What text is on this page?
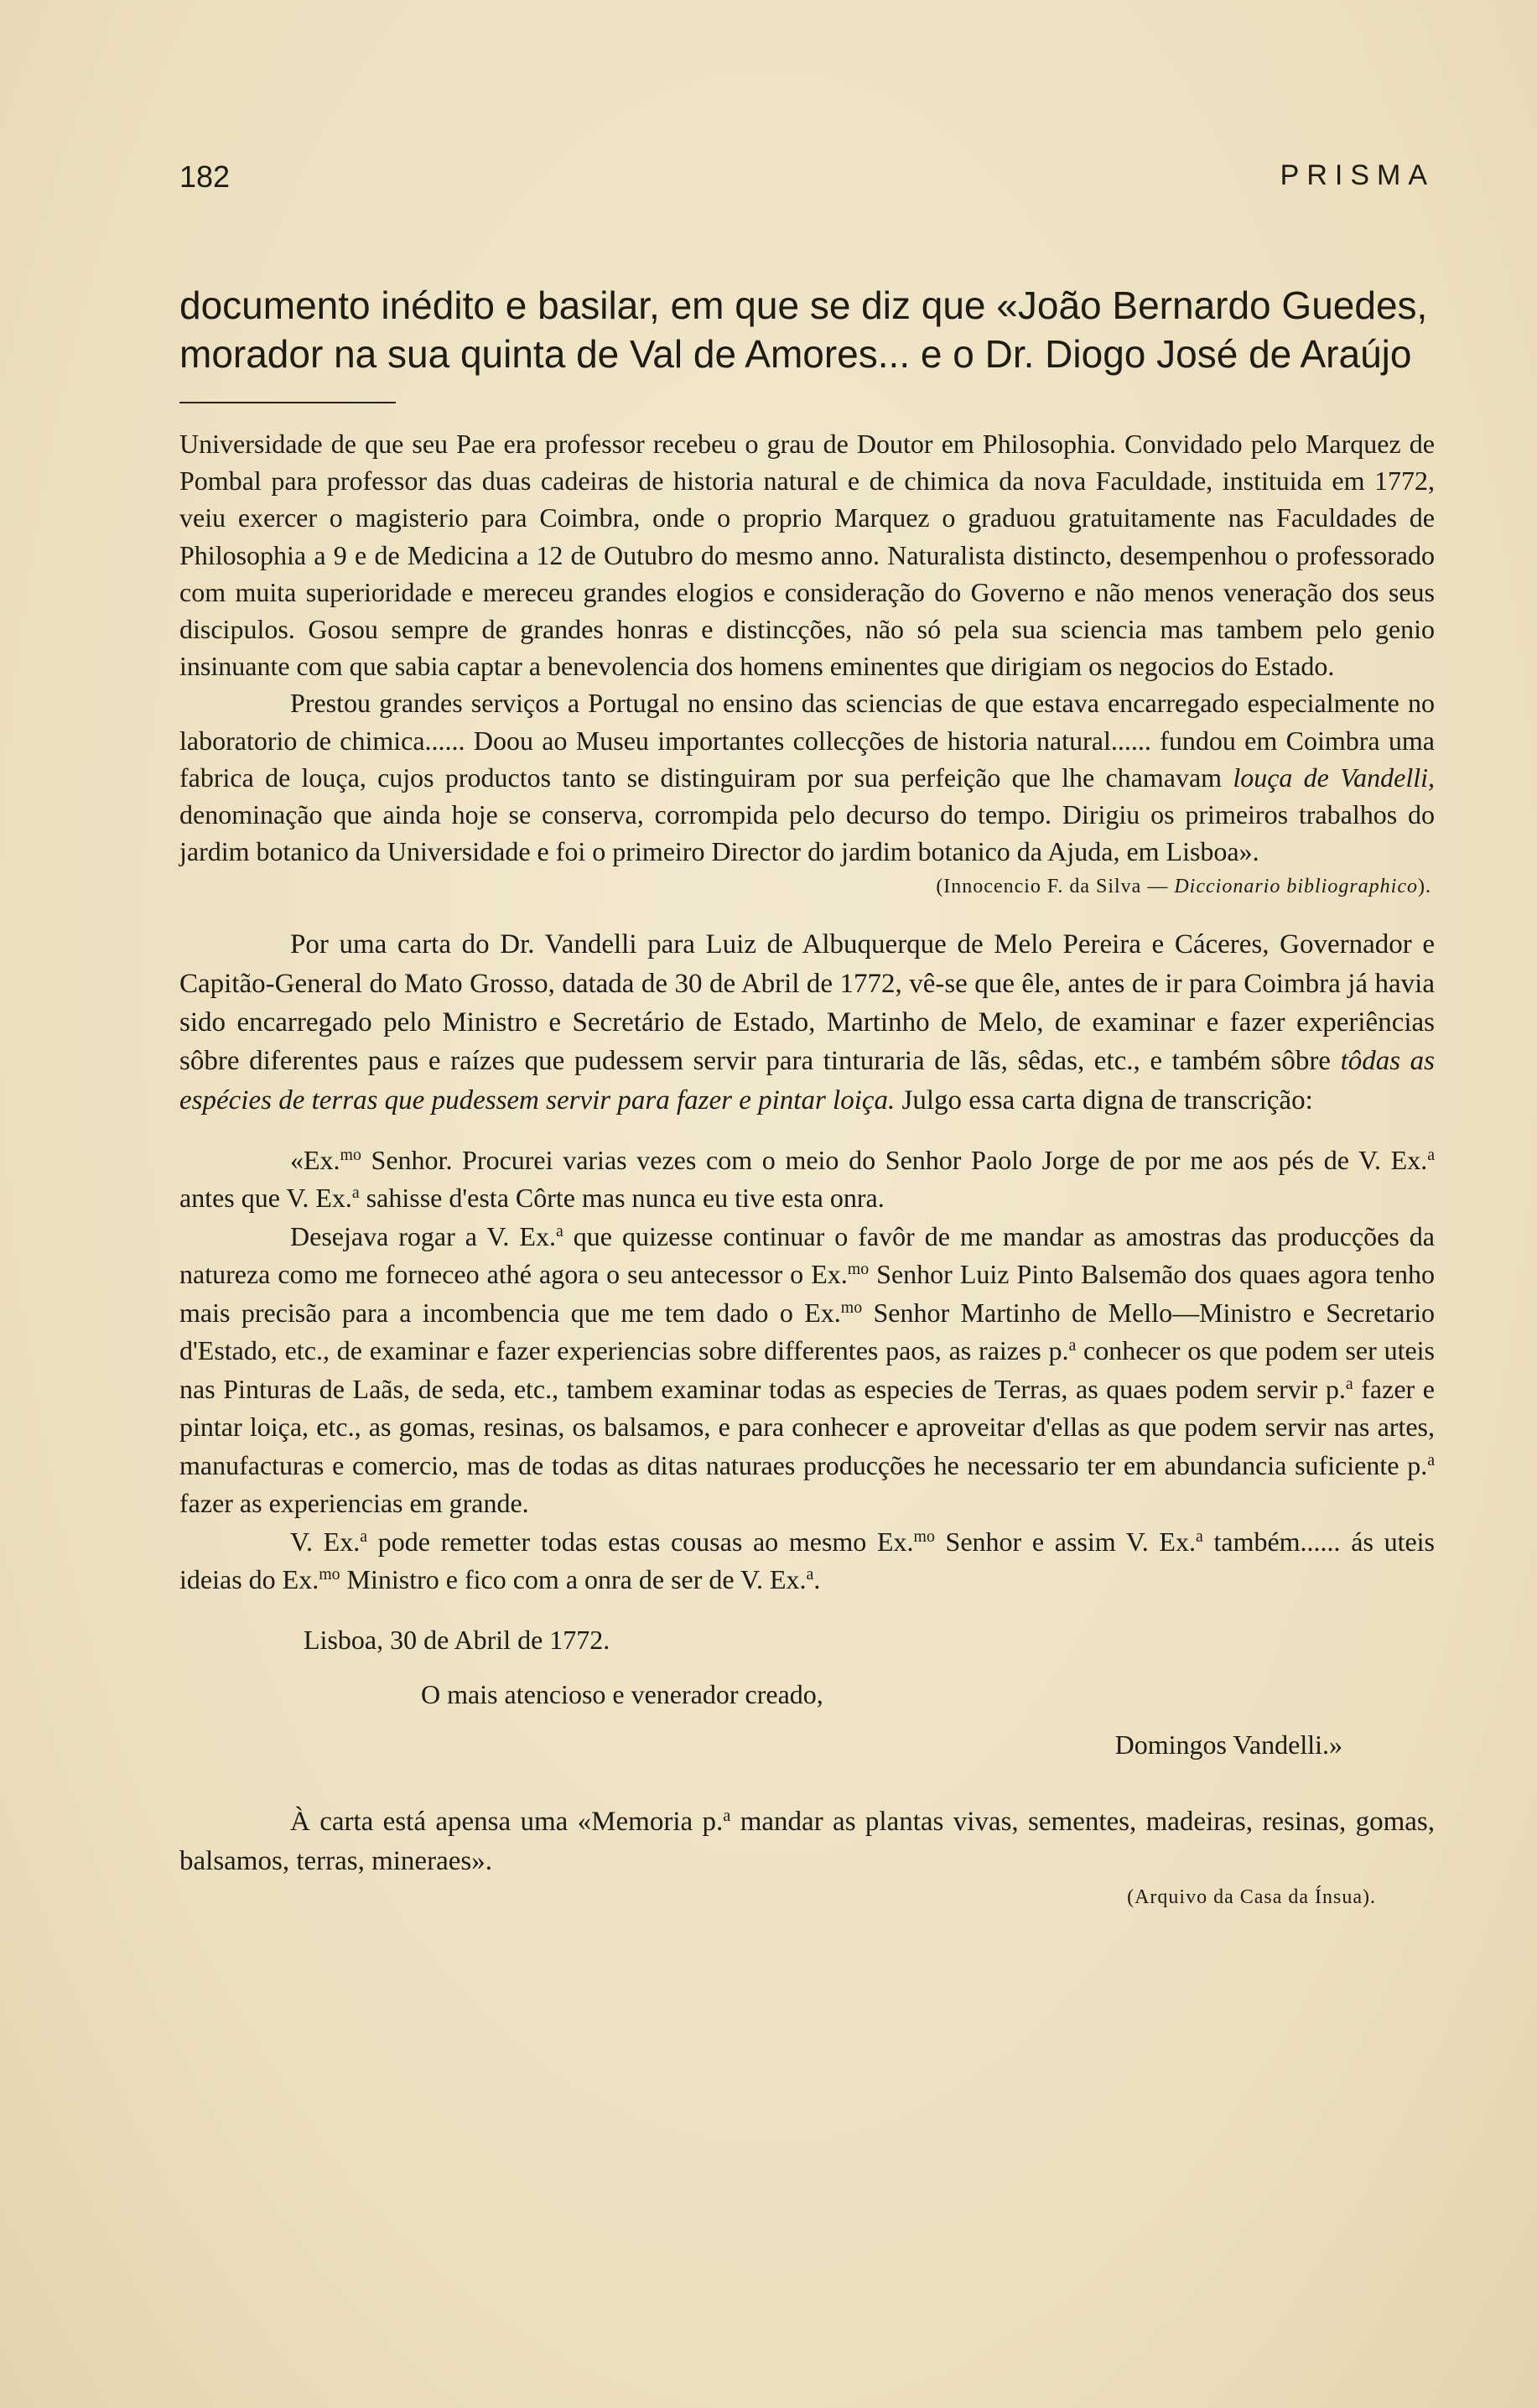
182	PRISMA

documento inédito e basilar, em que se diz que «João Bernardo Guedes,
morador na sua quinta de Val de Amores... e o Dr. Diogo José de Araújo

Universidade de que seu Pae era professor recebeu o grau de Doutor em Philosophia. Convidado pelo Marquez de Pombal para professor das duas cadeiras de historia natural e de chimica da nova Faculdade, instituida em 1772, veiu exercer o magisterio para Coimbra, onde o proprio Marquez o graduou gratuitamente nas Faculdades de Philosophia a 9 e de Medicina a 12 de Outubro do mesmo anno. Naturalista distincto, desempenhou o professorado com muita superioridade e mereceu grandes elogios e consideração do Governo e não menos veneração dos seus discipulos. Gosou sempre de grandes honras e distincções, não só pela sua sciencia mas tambem pelo genio insinuante com que sabia captar a benevolencia dos homens eminentes que dirigiam os negocios do Estado.

Prestou grandes serviços a Portugal no ensino das sciencias de que estava encarregado especialmente no laboratorio de chimica...... Doou ao Museu importantes collecções de historia natural...... fundou em Coimbra uma fabrica de louça, cujos productos tanto se distinguiram por sua perfeição que lhe chamavam louça de Vandelli, denominação que ainda hoje se conserva, corrompida pelo decurso do tempo. Dirigiu os primeiros trabalhos do jardim botanico da Universidade e foi o primeiro Director do jardim botanico da Ajuda, em Lisboa».

(Innocencio F. da Silva — Diccionario bibliographico).

Por uma carta do Dr. Vandelli para Luiz de Albuquerque de Melo Pereira e Cáceres, Governador e Capitão-General do Mato Grosso, datada de 30 de Abril de 1772, vê-se que êle, antes de ir para Coimbra já havia sido encarregado pelo Ministro e Secretário de Estado, Martinho de Melo, de examinar e fazer experiências sôbre diferentes paus e raízes que pudessem servir para tinturaria de lãs, sêdas, etc., e também sôbre tôdas as espécies de terras que pudessem servir para fazer e pintar loiça. Julgo essa carta digna de transcrição:

«Ex.$^{mo}$ Senhor. Procurei varias vezes com o meio do Senhor Paolo Jorge de por me aos pés de V. Ex.$^a$ antes que V. Ex.$^a$ sahisse d'esta Côrte mas nunca eu tive esta onra.

Desejava rogar a V. Ex.$^a$ que quizesse continuar o favôr de me mandar as amostras das producções da natureza como me forneceo athé agora o seu antecessor o Ex.$^{mo}$ Senhor Luiz Pinto Balsemão dos quaes agora tenho mais precisão para a incombencia que me tem dado o Ex.$^{mo}$ Senhor Martinho de Mello—Ministro e Secretario d'Estado, etc., de examinar e fazer experiencias sobre differentes paos, as raizes p.$^a$ conhecer os que podem ser uteis nas Pinturas de Laãs, de seda, etc., tambem examinar todas as especies de Terras, as quaes podem servir p.$^a$ fazer e pintar loiça, etc., as gomas, resinas, os balsamos, e para conhecer e aproveitar d'ellas as que podem servir nas artes, manufacturas e comercio, mas de todas as ditas naturaes producções he necessario ter em abundancia suficiente p.$^a$ fazer as experiencias em grande.

V. Ex.$^a$ pode remetter todas estas cousas ao mesmo Ex.$^{mo}$ Senhor e assim V. Ex.$^a$ também...... ás uteis ideias do Ex.$^{mo}$ Ministro e fico com a onra de ser de V. Ex.$^a$.

Lisboa, 30 de Abril de 1772.

O mais atencioso e venerador creado,

Domingos Vandelli.»

À carta está apensa uma «Memoria p.$^a$ mandar as plantas vivas, sementes, madeiras, resinas, gomas, balsamos, terras, mineraes».

(Arquivo da Casa da Ínsua).
